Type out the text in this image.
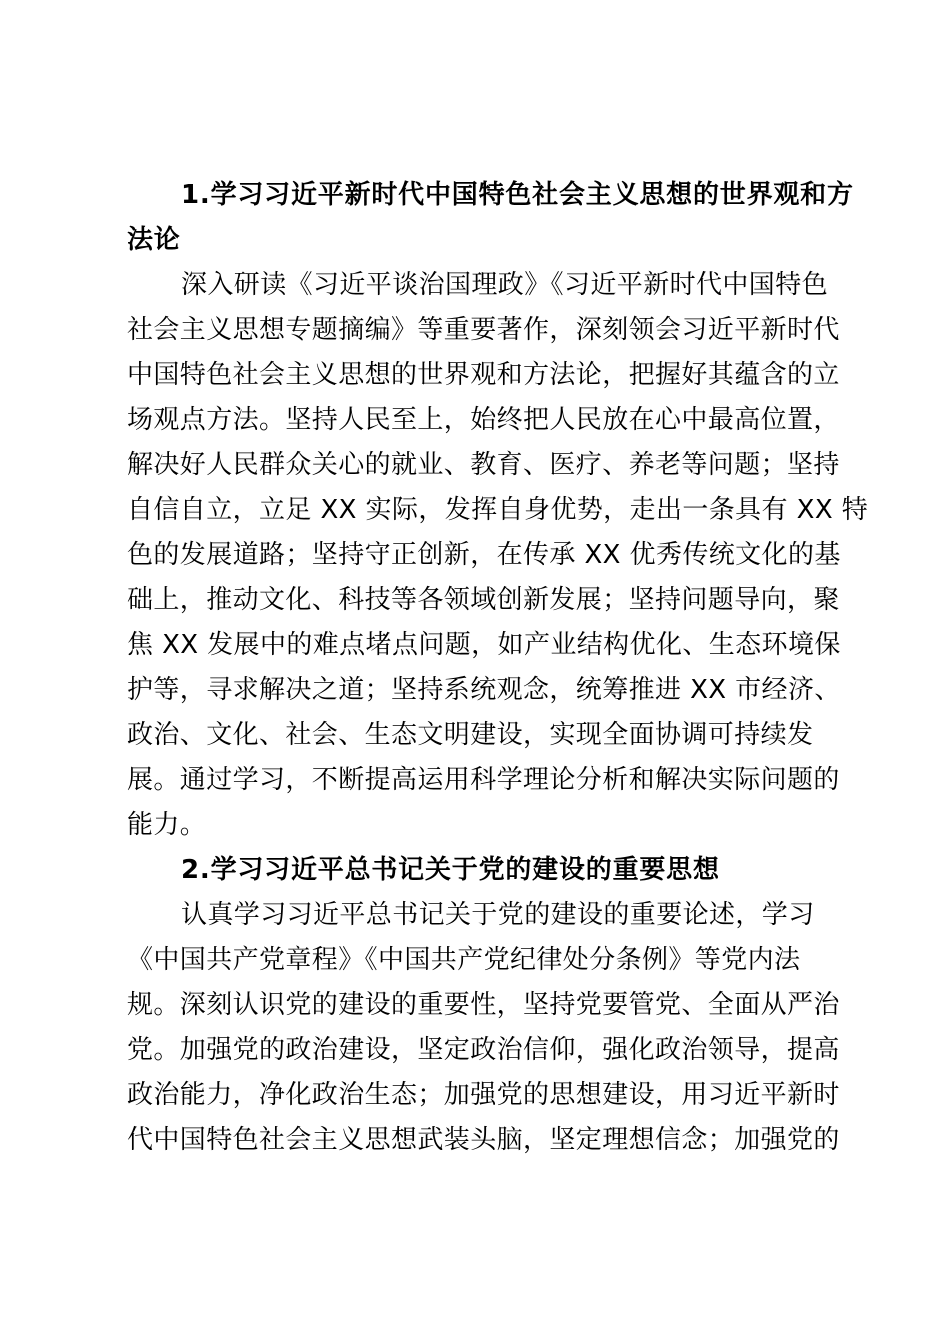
1.学习习近平新时代中国特色社会主义思想的世界观和方
法论
深入研读《习近平谈治国理政》《习近平新时代中国特色
社会主义思想专题摘编》等重要著作，深刻领会习近平新时代
中国特色社会主义思想的世界观和方法论，把握好其蕴含的立
场观点方法。坚持人民至上，始终把人民放在心中最高位置，
解决好人民群众关心的就业、教育、医疗、养老等问题；坚持
自信自立，立足 XX 实际，发挥自身优势，走出一条具有 XX 特
色的发展道路；坚持守正创新，在传承 XX 优秀传统文化的基
础上，推动文化、科技等各领域创新发展；坚持问题导向，聚
焦 XX 发展中的难点堵点问题，如产业结构优化、生态环境保
护等，寻求解决之道；坚持系统观念，统筹推进 XX 市经济、
政治、文化、社会、生态文明建设，实现全面协调可持续发
展。通过学习，不断提高运用科学理论分析和解决实际问题的
能力。
2.学习习近平总书记关于党的建设的重要思想
认真学习习近平总书记关于党的建设的重要论述，学习
《中国共产党章程》《中国共产党纪律处分条例》等党内法
规。深刻认识党的建设的重要性，坚持党要管党、全面从严治
党。加强党的政治建设，坚定政治信仰，强化政治领导，提高
政治能力，净化政治生态；加强党的思想建设，用习近平新时
代中国特色社会主义思想武装头脑，坚定理想信念；加强党的
